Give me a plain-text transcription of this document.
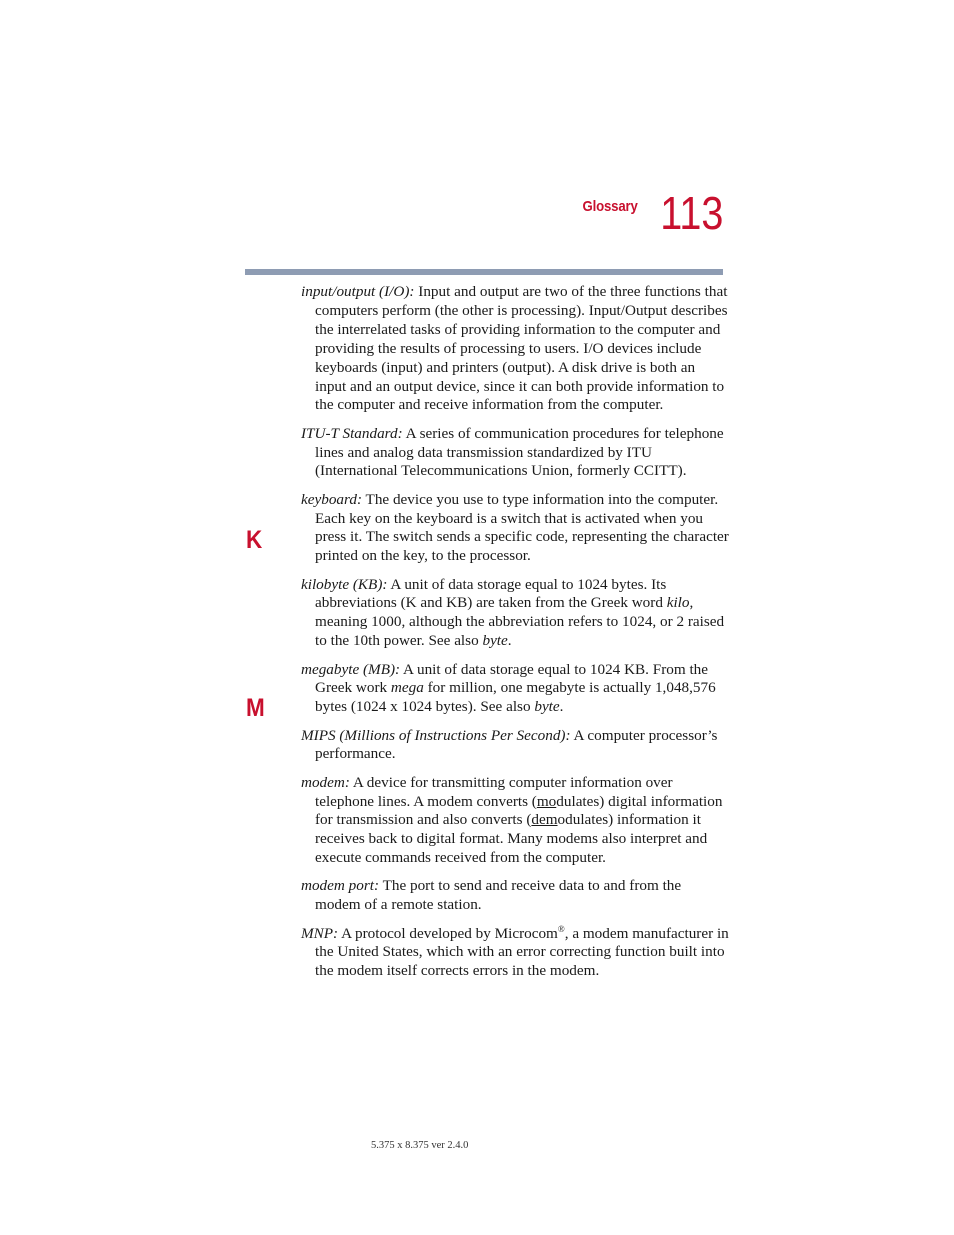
Glossary 113
K
M

input/output (I/O): Input and output are two of the three functions that computers perform (the other is processing). Input/Output describes the interrelated tasks of providing information to the computer and providing the results of processing to users. I/O devices include keyboards (input) and printers (output). A disk drive is both an input and an output device, since it can both provide information to the computer and receive information from the computer.

ITU-T Standard: A series of communication procedures for telephone lines and analog data transmission standardized by ITU (International Telecommunications Union, formerly CCITT).

keyboard: The device you use to type information into the computer. Each key on the keyboard is a switch that is activated when you press it. The switch sends a specific code, representing the character printed on the key, to the processor.

kilobyte (KB): A unit of data storage equal to 1024 bytes. Its abbreviations (K and KB) are taken from the Greek word kilo, meaning 1000, although the abbreviation refers to 1024, or 2 raised to the 10th power. See also byte.

megabyte (MB): A unit of data storage equal to 1024 KB. From the Greek work mega for million, one megabyte is actually 1,048,576 bytes (1024 x 1024 bytes). See also byte.

MIPS (Millions of Instructions Per Second): A computer processor’s performance.

modem: A device for transmitting computer information over telephone lines. A modem converts (modulates) digital information for transmission and also converts (demodulates) information it receives back to digital format. Many modems also interpret and execute commands received from the computer.

modem port: The port to send and receive data to and from the modem of a remote station.

MNP: A protocol developed by Microcom®, a modem manufacturer in the United States, which with an error correcting function built into the modem itself corrects errors in the modem.

5.375 x 8.375 ver 2.4.0
